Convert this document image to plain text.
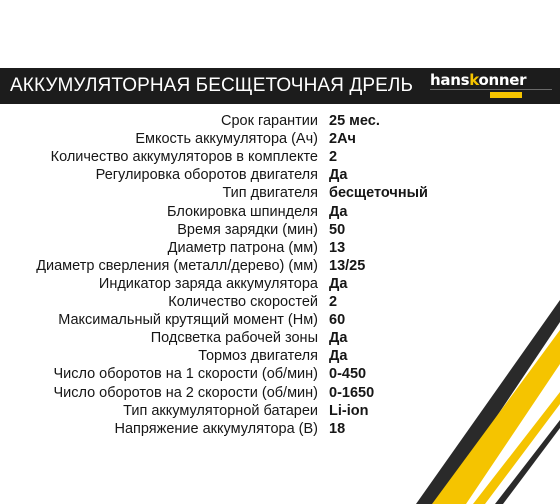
АККУМУЛЯТОРНАЯ БЕСЩЕТОЧНАЯ ДРЕЛЬ hanskonner
Срок гарантии 25 мес.
Емкость аккумулятора (Ач) 2Ач
Количество аккумуляторов в комплекте 2
Регулировка оборотов двигателя Да
Тип двигателя бесщеточный
Блокировка шпинделя Да
Время зарядки (мин) 50
Диаметр патрона (мм) 13
Диаметр сверления (металл/дерево) (мм) 13/25
Индикатор заряда аккумулятора Да
Количество скоростей 2
Максимальный крутящий момент (Нм) 60
Подсветка рабочей зоны Да
Тормоз двигателя Да
Число оборотов на 1 скорости (об/мин) 0-450
Число оборотов на 2 скорости (об/мин) 0-1650
Тип аккумуляторной батареи Li-ion
Напряжение аккумулятора (В) 18
